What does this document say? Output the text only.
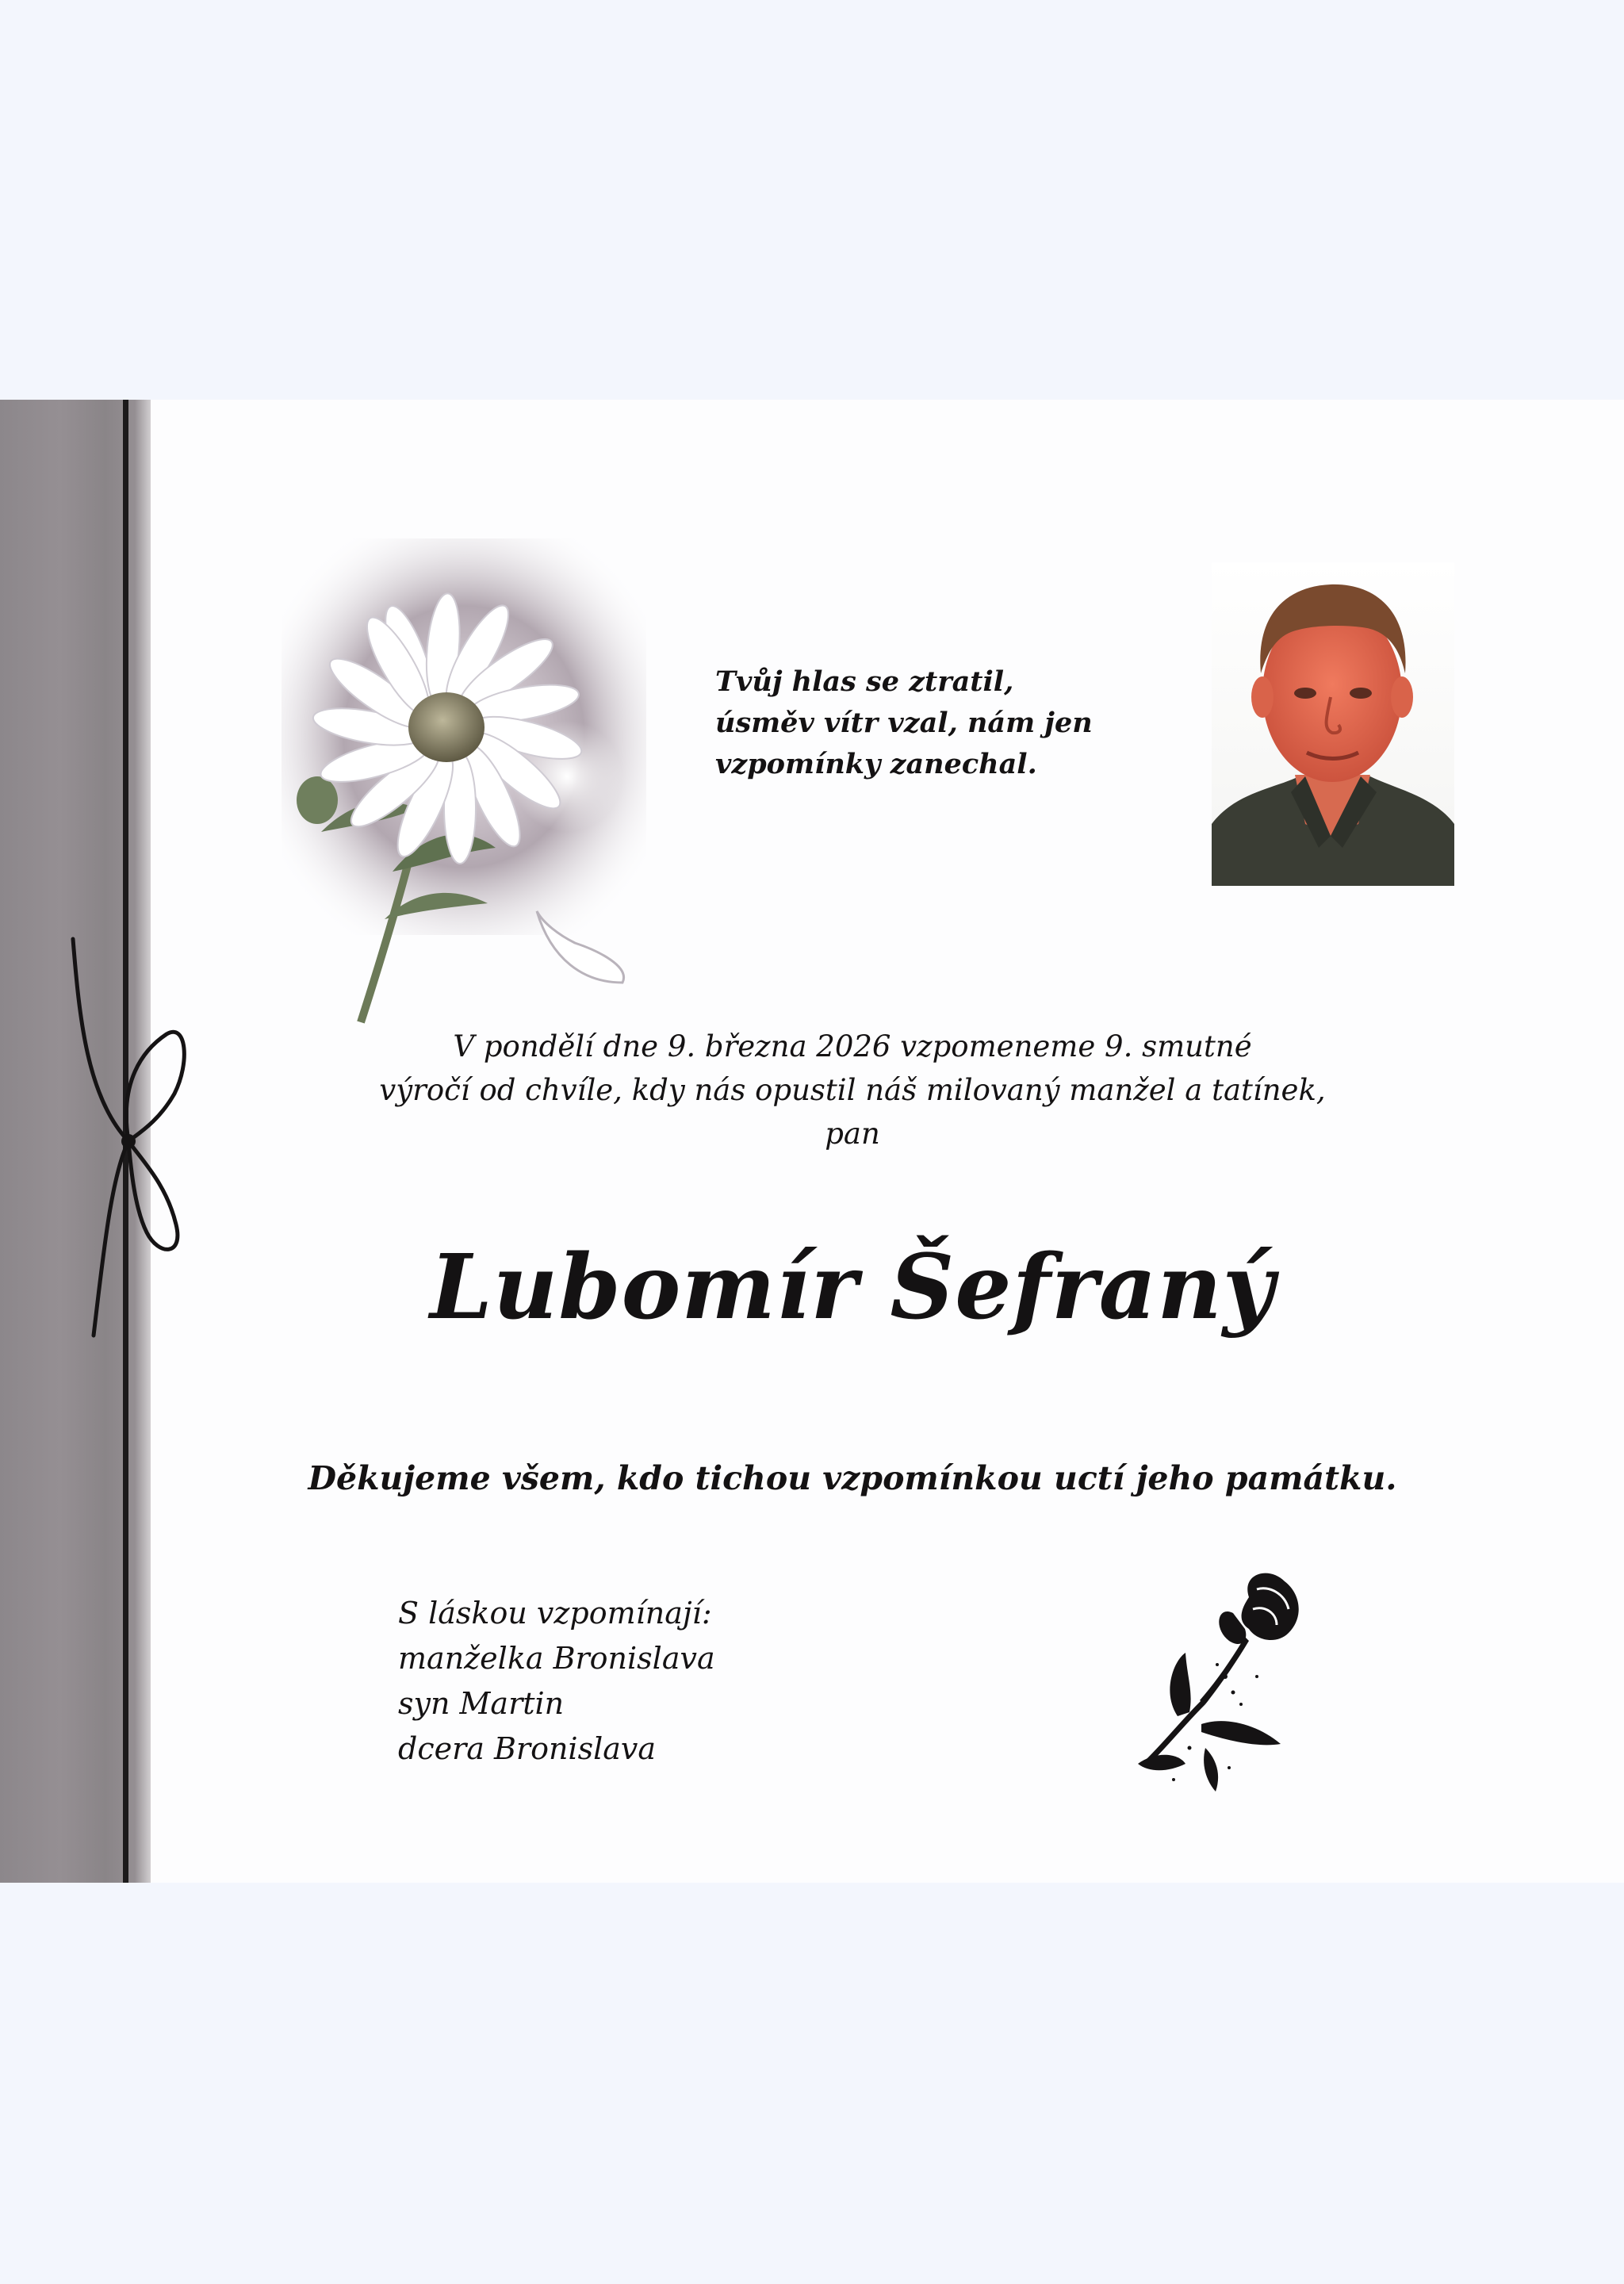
Tvůj hlas se ztratil,
úsměv vítr vzal, nám jen
vzpomínky zanechal.
V pondělí dne 9. března 2026 vzpomeneme 9. smutné
výročí od chvíle, kdy nás opustil náš milovaný manžel a tatínek,
pan
Lubomír Šefraný
Děkujeme všem, kdo tichou vzpomínkou uctí jeho památku.
S láskou vzpomínají:
manželka Bronislava
syn Martin
dcera Bronislava
